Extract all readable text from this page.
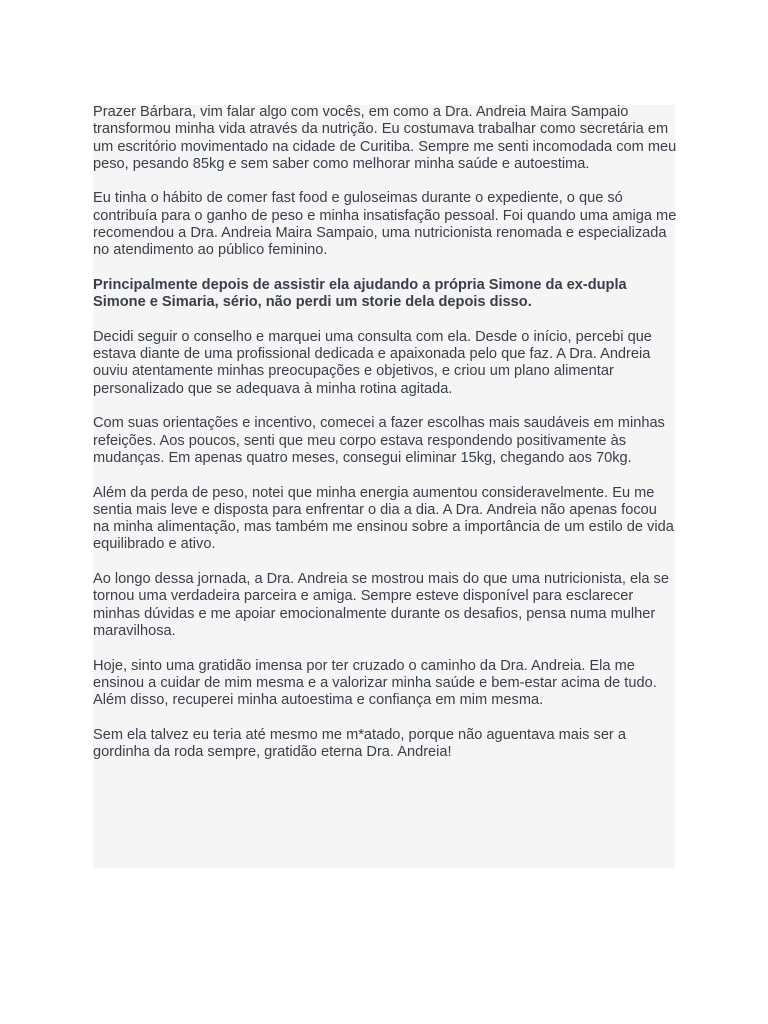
Prazer Bárbara, vim falar algo com vocês, em como a Dra. Andreia Maira Sampaio transformou minha vida através da nutrição. Eu costumava trabalhar como secretária em um escritório movimentado na cidade de Curitiba. Sempre me senti incomodada com meu peso, pesando 85kg e sem saber como melhorar minha saúde e autoestima.

Eu tinha o hábito de comer fast food e guloseimas durante o expediente, o que só contribuía para o ganho de peso e minha insatisfação pessoal. Foi quando uma amiga me recomendou a Dra. Andreia Maira Sampaio, uma nutricionista renomada e especializada no atendimento ao público feminino.

Principalmente depois de assistir ela ajudando a própria Simone da ex-dupla Simone e Simaria, sério, não perdi um storie dela depois disso.

Decidi seguir o conselho e marquei uma consulta com ela. Desde o início, percebi que estava diante de uma profissional dedicada e apaixonada pelo que faz. A Dra. Andreia ouviu atentamente minhas preocupações e objetivos, e criou um plano alimentar personalizado que se adequava à minha rotina agitada.

Com suas orientações e incentivo, comecei a fazer escolhas mais saudáveis em minhas refeições. Aos poucos, senti que meu corpo estava respondendo positivamente às mudanças. Em apenas quatro meses, consegui eliminar 15kg, chegando aos 70kg.

Além da perda de peso, notei que minha energia aumentou consideravelmente. Eu me sentia mais leve e disposta para enfrentar o dia a dia. A Dra. Andreia não apenas focou na minha alimentação, mas também me ensinou sobre a importância de um estilo de vida equilibrado e ativo.

Ao longo dessa jornada, a Dra. Andreia se mostrou mais do que uma nutricionista, ela se tornou uma verdadeira parceira e amiga. Sempre esteve disponível para esclarecer minhas dúvidas e me apoiar emocionalmente durante os desafios, pensa numa mulher maravilhosa.

Hoje, sinto uma gratidão imensa por ter cruzado o caminho da Dra. Andreia. Ela me ensinou a cuidar de mim mesma e a valorizar minha saúde e bem-estar acima de tudo. Além disso, recuperei minha autoestima e confiança em mim mesma.

Sem ela talvez eu teria até mesmo me m*atado, porque não aguentava mais ser a gordinha da roda sempre, gratidão eterna Dra. Andreia!
